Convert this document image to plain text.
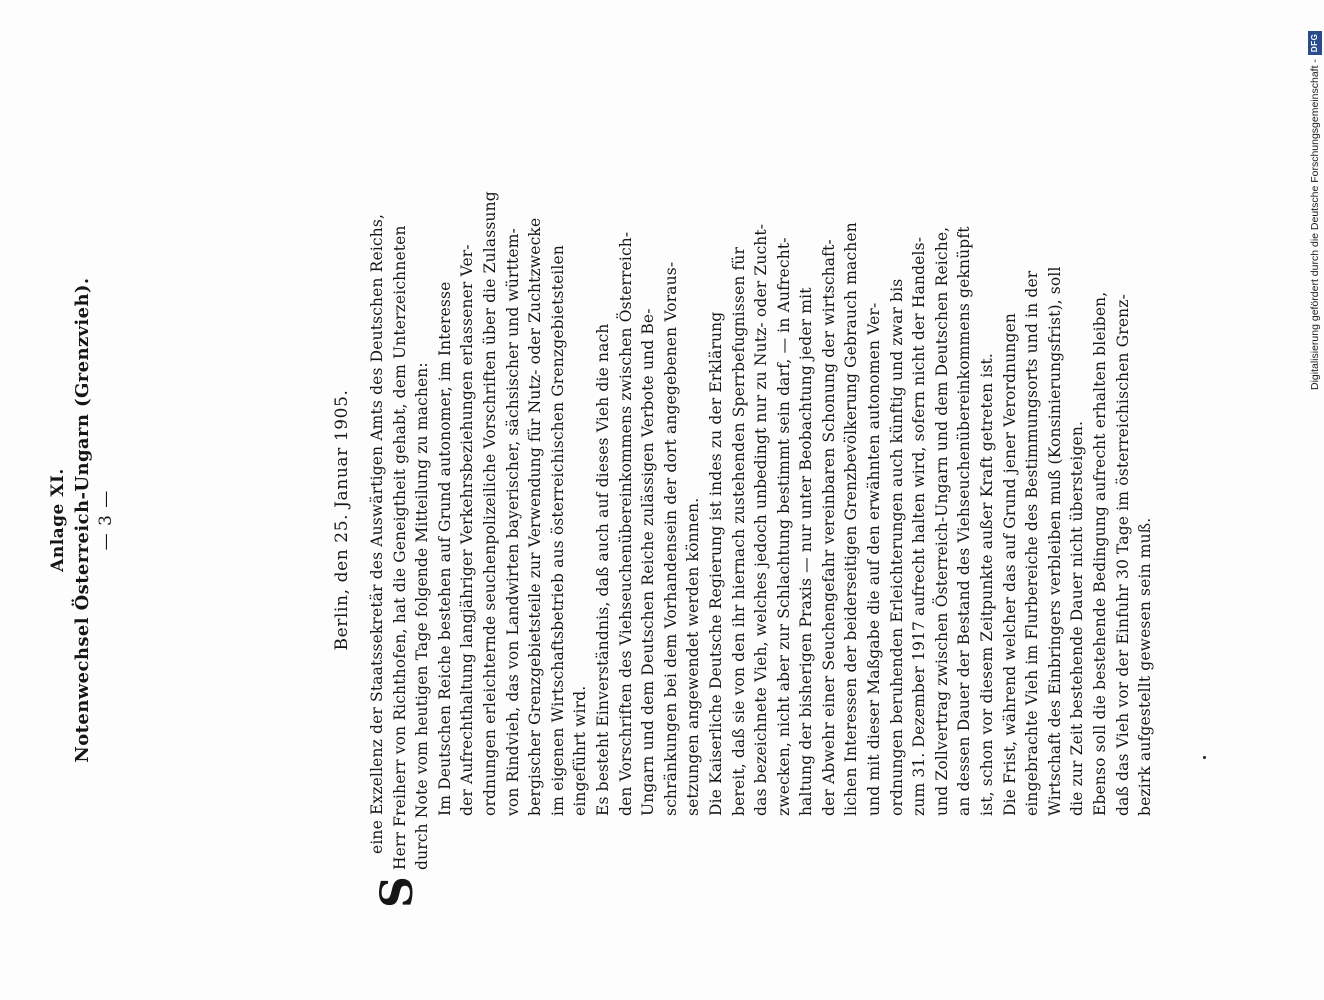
Anlage XI. Notenwechsel Österreich-Ungarn (Grenzvieh). — 3 —	Berlin, den 25. Januar 1905.
S
eine Exzellenz der Staatssekretär des Auswärtigen Amts des Deutschen Reichs, Herr Freiherr von Richthofen, hat die Geneigtheit gehabt, dem Unterzeichneten durch Note vom heutigen Tage folgende Mitteilung zu machen: Im Deutschen Reiche bestehen auf Grund autonomer, im Interesse der Aufrechthaltung langjähriger Verkehrsbeziehungen erlassener Ver- ordnungen erleichternde seuchenpolizeiliche Vorschriften über die Zulassung von Rindvieh, das von Landwirten bayerischer, sächsischer und württem- bergischer Grenzgebietsteile zur Verwendung für Nutz- oder Zuchtzwecke im eigenen Wirtschaftsbetrieb aus österreichischen Grenzgebietsteilen eingeführt wird. Es besteht Einverständnis, daß auch auf dieses Vieh die nach den Vorschriften des Viehseuchenübereinkommens zwischen Österreich- Ungarn und dem Deutschen Reiche zulässigen Verbote und Be- schränkungen bei dem Vorhandensein der dort angegebenen Voraus- setzungen angewendet werden können. Die Kaiserliche Deutsche Regierung ist indes zu der Erklärung bereit, daß sie von den ihr hiernach zustehenden Sperrbefugnissen für das bezeichnete Vieh, welches jedoch unbedingt nur zu Nutz- oder Zucht- zwecken, nicht aber zur Schlachtung bestimmt sein darf, — in Aufrecht- haltung der bisherigen Praxis — nur unter Beobachtung jeder mit der Abwehr einer Seuchengefahr vereinbaren Schonung der wirtschaft- lichen Interessen der beiderseitigen Grenzbevölkerung Gebrauch machen und mit dieser Maßgabe die auf den erwähnten autonomen Ver- ordnungen beruhenden Erleichterungen auch künftig und zwar bis zum 31. Dezember 1917 aufrecht halten wird, sofern nicht der Handels- und Zollvertrag zwischen Österreich-Ungarn und dem Deutschen Reiche, an dessen Dauer der Bestand des Viehseuchenübereinkommens geknüpft ist, schon vor diesem Zeitpunkte außer Kraft getreten ist. Die Frist, während welcher das auf Grund jener Verordnungen eingebrachte Vieh im Flurbereiche des Bestimmungsorts und in der Wirtschaft des Einbringers verbleiben muß (Konsinierungsfrist), soll die zur Zeit bestehende Dauer nicht übersteigen. Ebenso soll die bestehende Bedingung aufrecht erhalten bleiben, daß das Vieh vor der Einfuhr 30 Tage im österreichischen Grenz- bezirk aufgestellt gewesen sein muß.
Digitalisierung gefördert durch die Deutsche Forschungsgemeinschaft -
DFG
